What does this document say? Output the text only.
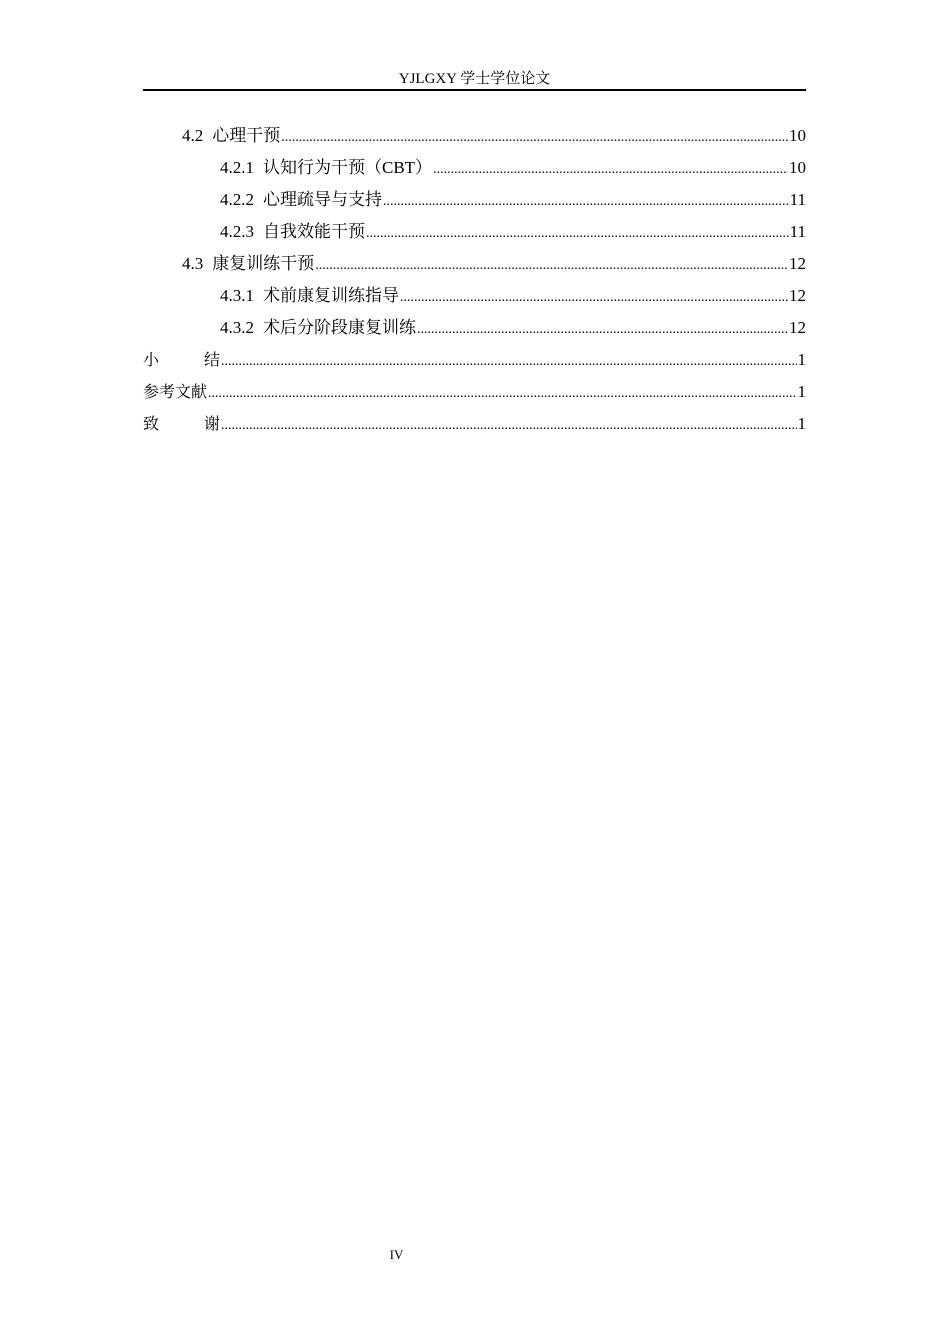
YJLGXY 学士学位论文
4.2 心理干预 .....	10
4.2.1 认知行为干预（CBT） .....	10
4.2.2 心理疏导与支持 .....	11
4.2.3 自我效能干预 .....	11
4.3 康复训练干预 .....	12
4.3.1 术前康复训练指导 .....	12
4.3.2 术后分阶段康复训练 .....	12
小结 .....	1
参考文献 .....	1
致谢 .....	1
IV
